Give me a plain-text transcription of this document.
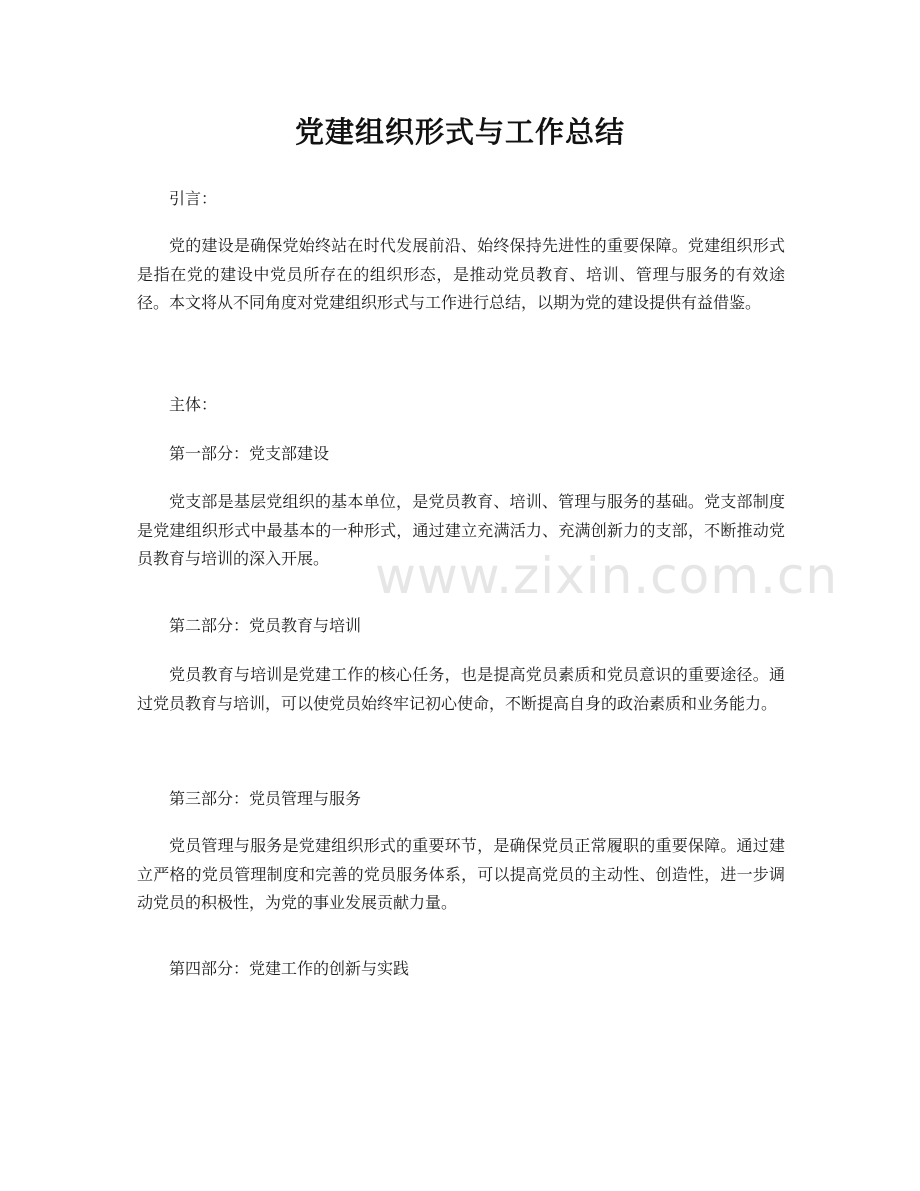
党建组织形式与工作总结

引言：

党的建设是确保党始终站在时代发展前沿、始终保持先进性的重要保障。党建组织形式是指在党的建设中党员所存在的组织形态，是推动党员教育、培训、管理与服务的有效途径。本文将从不同角度对党建组织形式与工作进行总结，以期为党的建设提供有益借鉴。

主体：

第一部分：党支部建设

党支部是基层党组织的基本单位，是党员教育、培训、管理与服务的基础。党支部制度是党建组织形式中最基本的一种形式，通过建立充满活力、充满创新力的支部，不断推动党员教育与培训的深入开展。

第二部分：党员教育与培训

党员教育与培训是党建工作的核心任务，也是提高党员素质和党员意识的重要途径。通过党员教育与培训，可以使党员始终牢记初心使命，不断提高自身的政治素质和业务能力。

第三部分：党员管理与服务

党员管理与服务是党建组织形式的重要环节，是确保党员正常履职的重要保障。通过建立严格的党员管理制度和完善的党员服务体系，可以提高党员的主动性、创造性，进一步调动党员的积极性，为党的事业发展贡献力量。

第四部分：党建工作的创新与实践

www.zixin.com.cn
